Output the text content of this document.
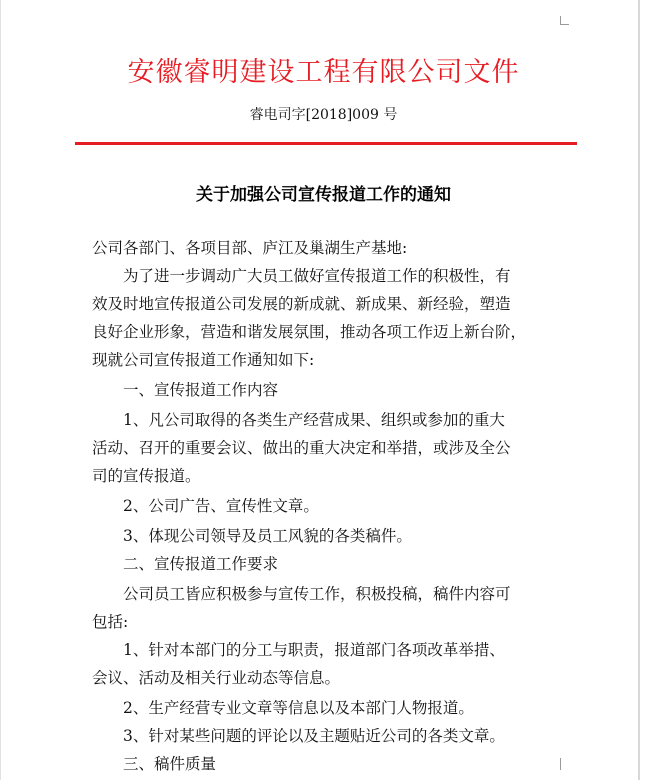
安徽睿明建设工程有限公司文件
睿电司字[2018]009 号
关于加强公司宣传报道工作的通知
公司各部门、各项目部、庐江及巢湖生产基地:
为了进一步调动广大员工做好宣传报道工作的积极性，有
效及时地宣传报道公司发展的新成就、新成果、新经验，塑造
良好企业形象，营造和谐发展氛围，推动各项工作迈上新台阶，
现就公司宣传报道工作通知如下:
一、宣传报道工作内容
1、凡公司取得的各类生产经营成果、组织或参加的重大
活动、召开的重要会议、做出的重大决定和举措，或涉及全公
司的宣传报道。
2、公司广告、宣传性文章。
3、体现公司领导及员工风貌的各类稿件。
二、宣传报道工作要求
公司员工皆应积极参与宣传工作，积极投稿，稿件内容可
包括:
1、针对本部门的分工与职责，报道部门各项改革举措、
会议、活动及相关行业动态等信息。
2、生产经营专业文章等信息以及本部门人物报道。
3、针对某些问题的评论以及主题贴近公司的各类文章。
三、稿件质量
